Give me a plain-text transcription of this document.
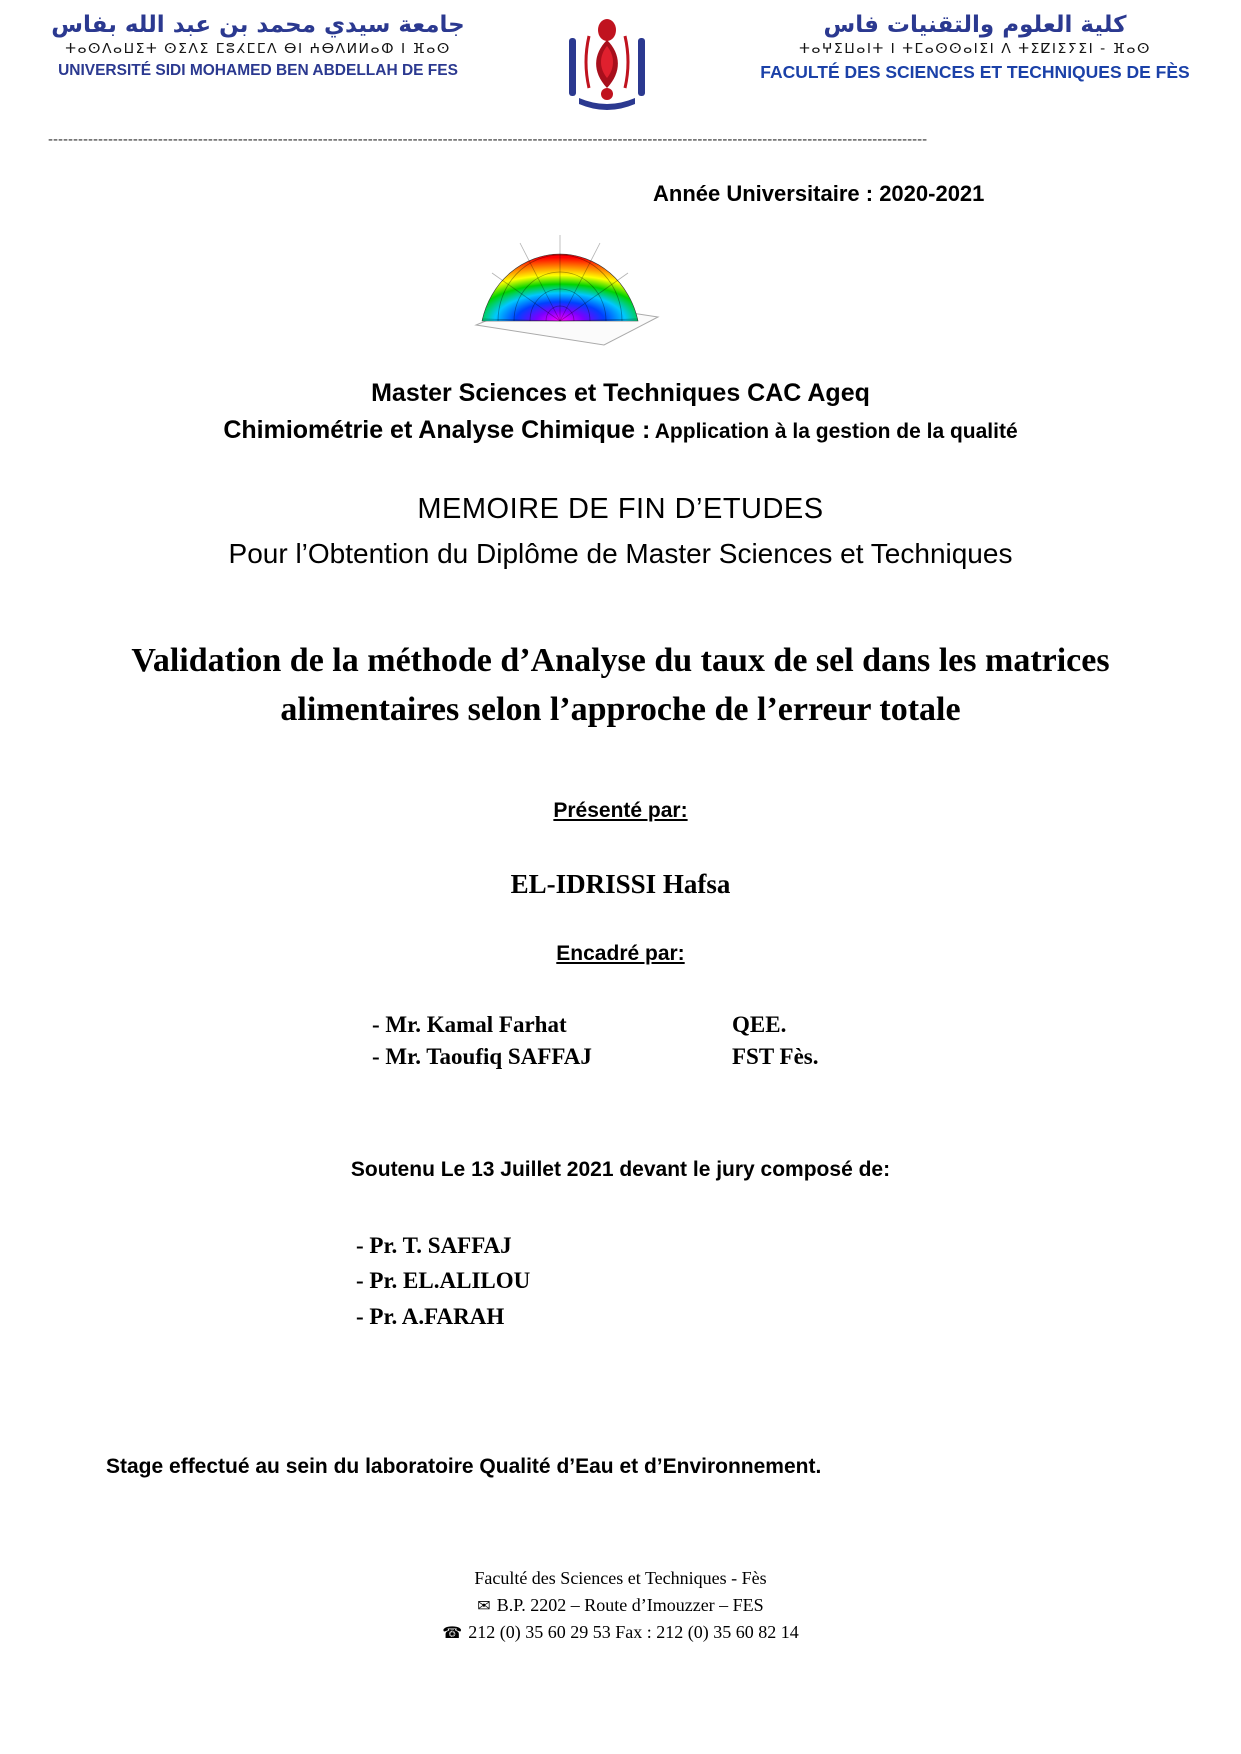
جامعة سيدي محمد بن عبد الله بفاس
ⵜⴰⵙⴷⴰⵡⵉⵜ ⵙⵉⴷⵉ ⵎⵓⵃⵎⵎⴷ ⴱⵏ ⵄⴱⴷⵍⵍⴰⵀ ⵏ ⴼⴰⵙ
UNIVERSITÉ SIDI MOHAMED BEN ABDELLAH DE FES
كلية العلوم والتقنيات فاس
ⵜⴰⵖⵉⵡⴰⵏⵜ ⵏ ⵜⵎⴰⵙⵙⴰⵏⵉⵏ ⴷ ⵜⵉⵇⵏⵉⵢⵉⵏ - ⴼⴰⵙ
FACULTÉ DES SCIENCES ET TECHNIQUES DE FÈS
--------------------------------------------------------------------------------------------------------------------------------------------------------------------------------
Année Universitaire : 2020-2021
Master Sciences et Techniques CAC Ageq
Chimiométrie et Analyse Chimique : Application à la gestion de la qualité
MEMOIRE DE FIN D’ETUDES
Pour l’Obtention du Diplôme de Master Sciences et Techniques
Validation de la méthode d’Analyse du taux de sel dans les matrices alimentaires selon l’approche de l’erreur totale
Présenté par:
EL-IDRISSI Hafsa
Encadré par:
- Mr. Kamal Farhat	QEE.
- Mr. Taoufiq SAFFAJ	FST Fès.
Soutenu Le 13 Juillet 2021 devant le jury composé de:
- Pr. T. SAFFAJ
- Pr. EL.ALILOU
- Pr. A.FARAH
Stage effectué au sein du laboratoire Qualité d’Eau et d’Environnement.
Faculté des Sciences et Techniques - Fès
✉ B.P. 2202 – Route d’Imouzzer – FES
☎ 212 (0) 35 60 29 53 Fax : 212 (0) 35 60 82 14
